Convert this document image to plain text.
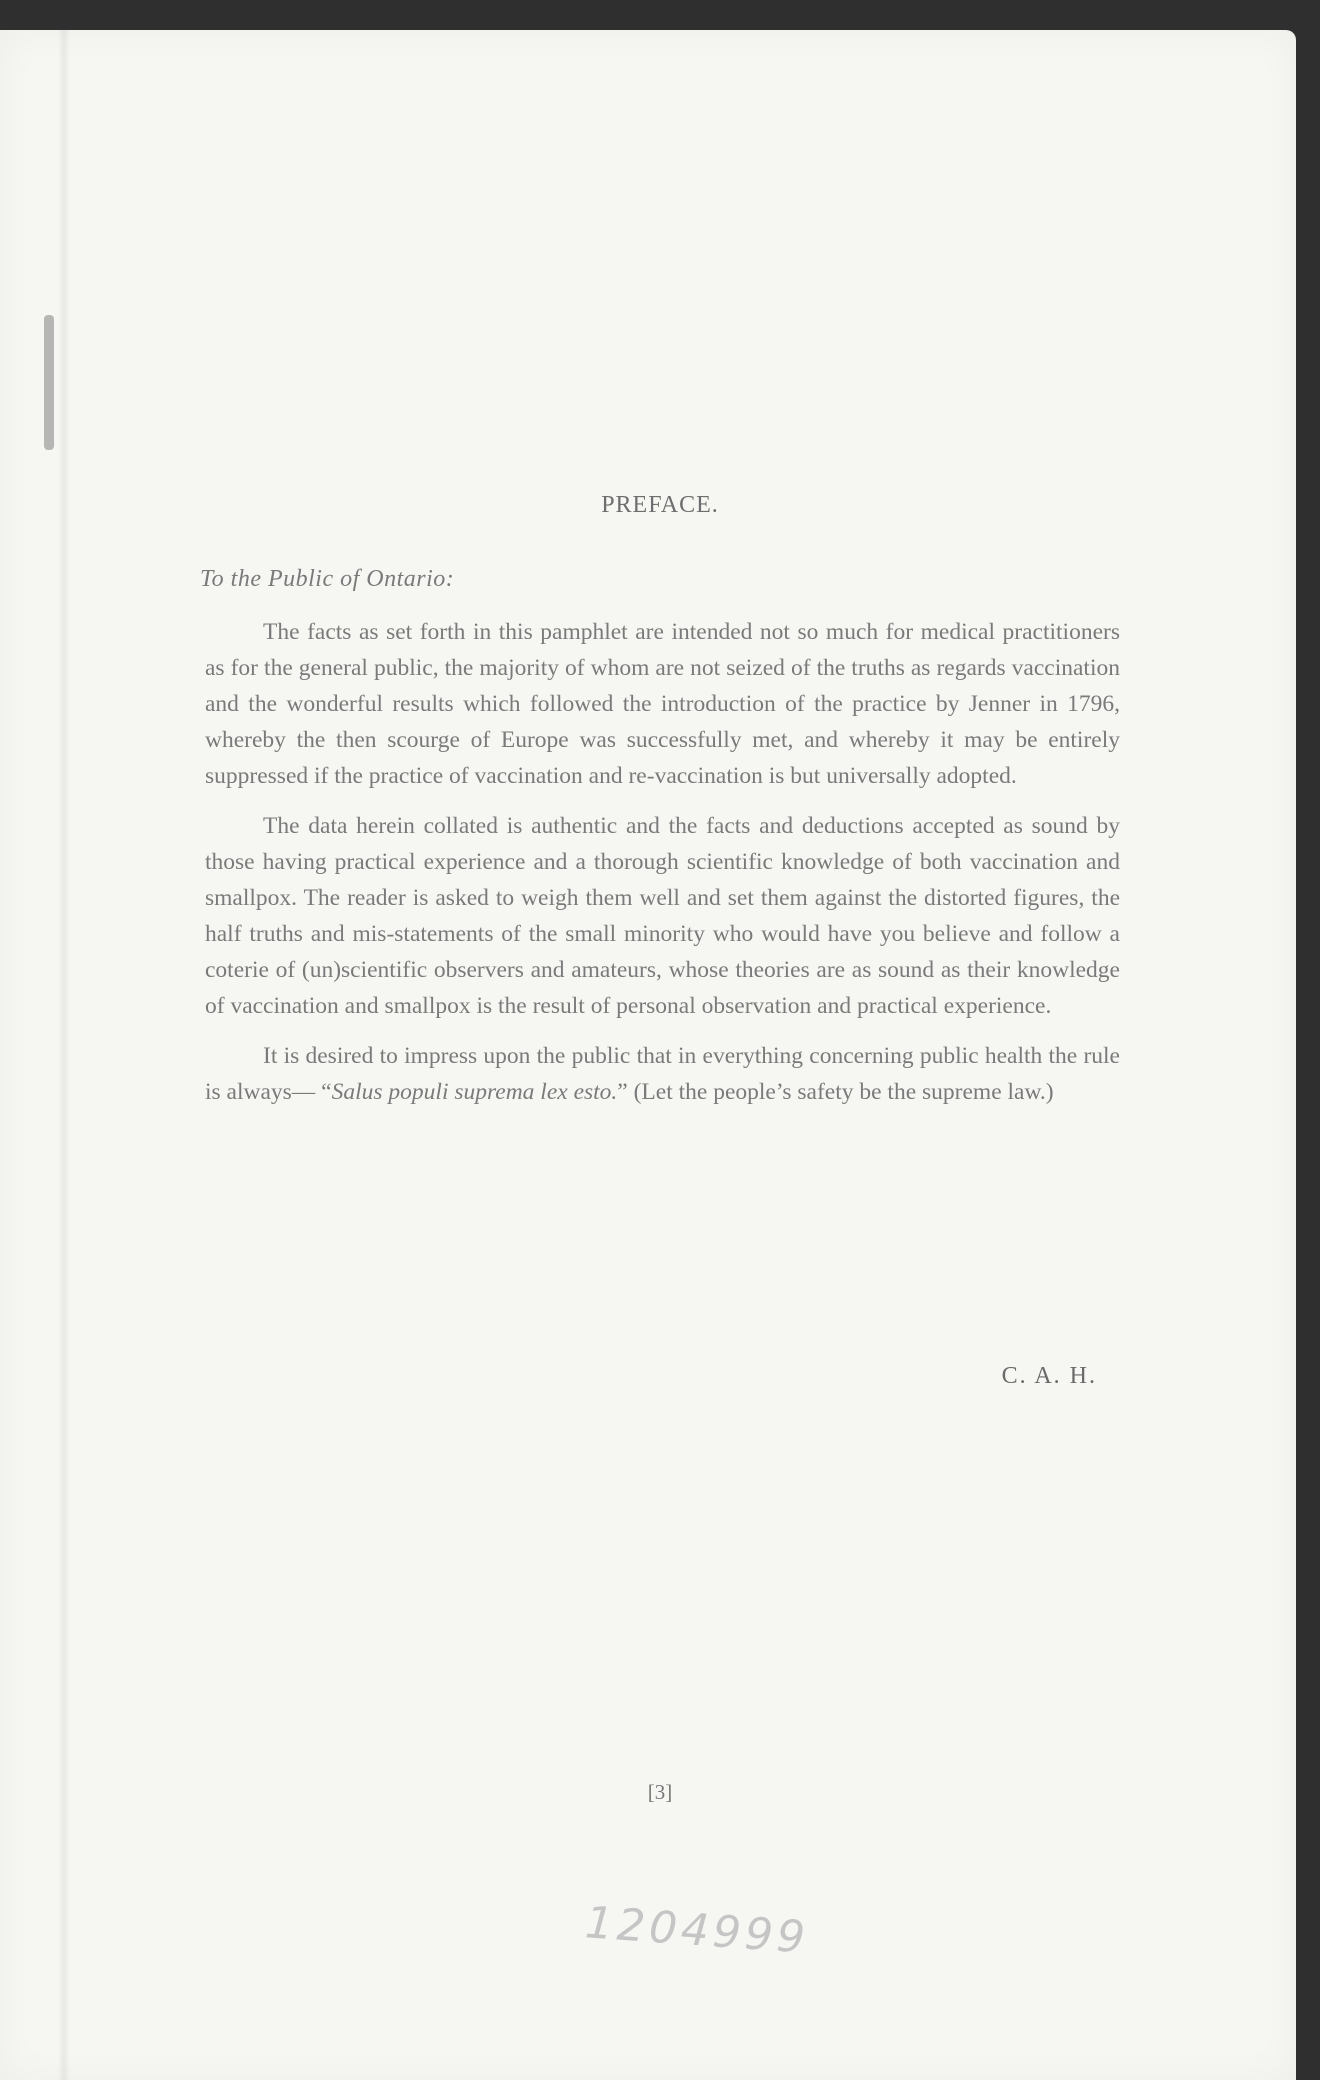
PREFACE.
To the Public of Ontario:

The facts as set forth in this pamphlet are intended not so much for medical practitioners as for the general public, the majority of whom are not seized of the truths as regards vaccination and the wonderful results which followed the introduction of the practice by Jenner in 1796, whereby the then scourge of Europe was successfully met, and whereby it may be entirely suppressed if the practice of vaccination and re-vaccination is but universally adopted.

The data herein collated is authentic and the facts and deductions accepted as sound by those having practical experience and a thorough scientific knowledge of both vaccination and smallpox. The reader is asked to weigh them well and set them against the distorted figures, the half truths and mis-statements of the small minority who would have you believe and follow a coterie of (un)scientific observers and amateurs, whose theories are as sound as their knowledge of vaccination and smallpox is the result of personal observation and practical experience.

It is desired to impress upon the public that in everything concerning public health the rule is always— “Salus populi suprema lex esto.” (Let the people’s safety be the supreme law.)

C. A. H.
[3]
1204999
